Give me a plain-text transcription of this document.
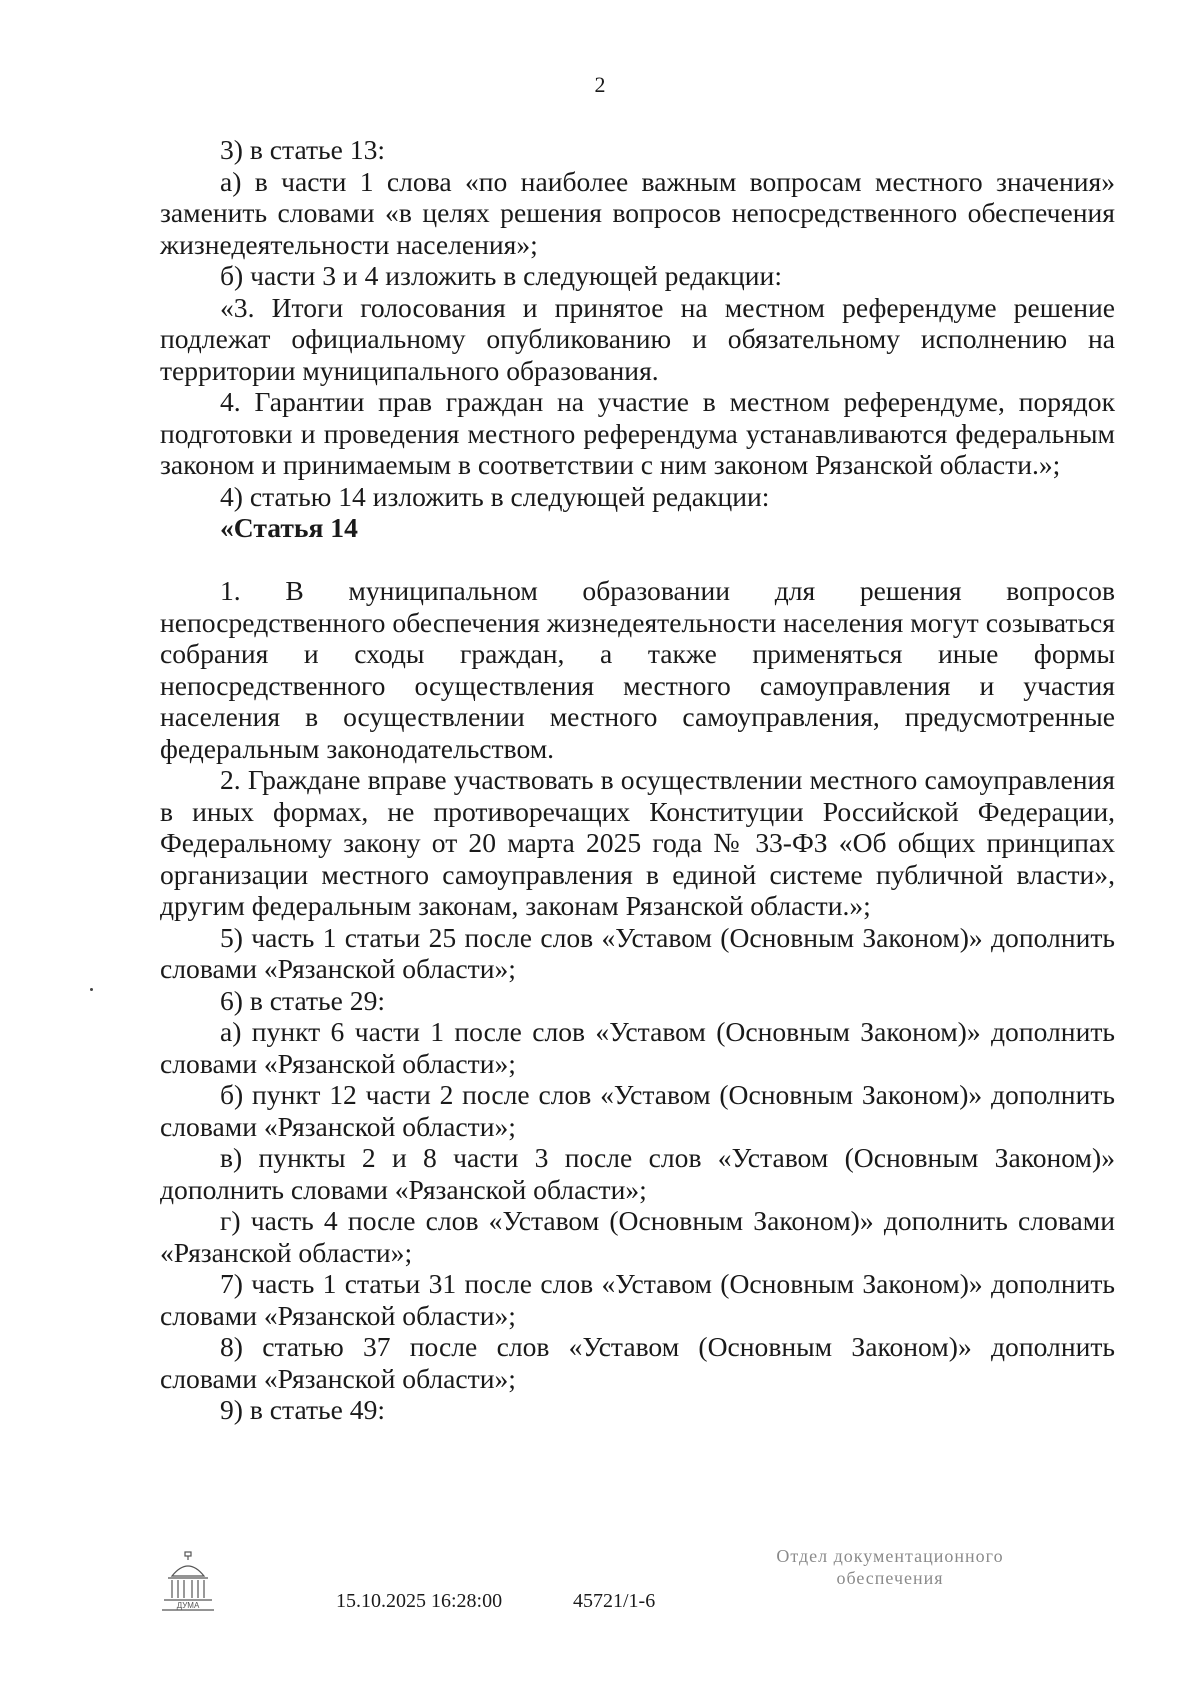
2

3) в статье 13:

а) в части 1 слова «по наиболее важным вопросам местного значения» заменить словами «в целях решения вопросов непосредственного обеспечения жизнедеятельности населения»;

б) части 3 и 4 изложить в следующей редакции:

«3. Итоги голосования и принятое на местном референдуме решение подлежат официальному опубликованию и обязательному исполнению на территории муниципального образования.

4. Гарантии прав граждан на участие в местном референдуме, порядок подготовки и проведения местного референдума устанавливаются федеральным законом и принимаемым в соответствии с ним законом Рязанской области.»;

4) статью 14 изложить в следующей редакции:

«Статья 14

1. В муниципальном образовании для решения вопросов непосредственного обеспечения жизнедеятельности населения могут созываться собрания и сходы граждан, а также применяться иные формы непосредственного осуществления местного самоуправления и участия населения в осуществлении местного самоуправления, предусмотренные федеральным законодательством.

2. Граждане вправе участвовать в осуществлении местного самоуправления в иных формах, не противоречащих Конституции Российской Федерации, Федеральному закону от 20 марта 2025 года № 33-ФЗ «Об общих принципах организации местного самоуправления в единой системе публичной власти», другим федеральным законам, законам Рязанской области.»;

5) часть 1 статьи 25 после слов «Уставом (Основным Законом)» дополнить словами «Рязанской области»;

6) в статье 29:

а) пункт 6 части 1 после слов «Уставом (Основным Законом)» дополнить словами «Рязанской области»;

б) пункт 12 части 2 после слов «Уставом (Основным Законом)» дополнить словами «Рязанской области»;

в) пункты 2 и 8 части 3 после слов «Уставом (Основным Законом)» дополнить словами «Рязанской области»;

г) часть 4 после слов «Уставом (Основным Законом)» дополнить словами «Рязанской области»;

7) часть 1 статьи 31 после слов «Уставом (Основным Законом)» дополнить словами «Рязанской области»;

8) статью 37 после слов «Уставом (Основным Законом)» дополнить словами «Рязанской области»;

9) в статье 49:

ДУМА	15.10.2025 16:28:00	45721/1-6
Отдел документационного
обеспечения
